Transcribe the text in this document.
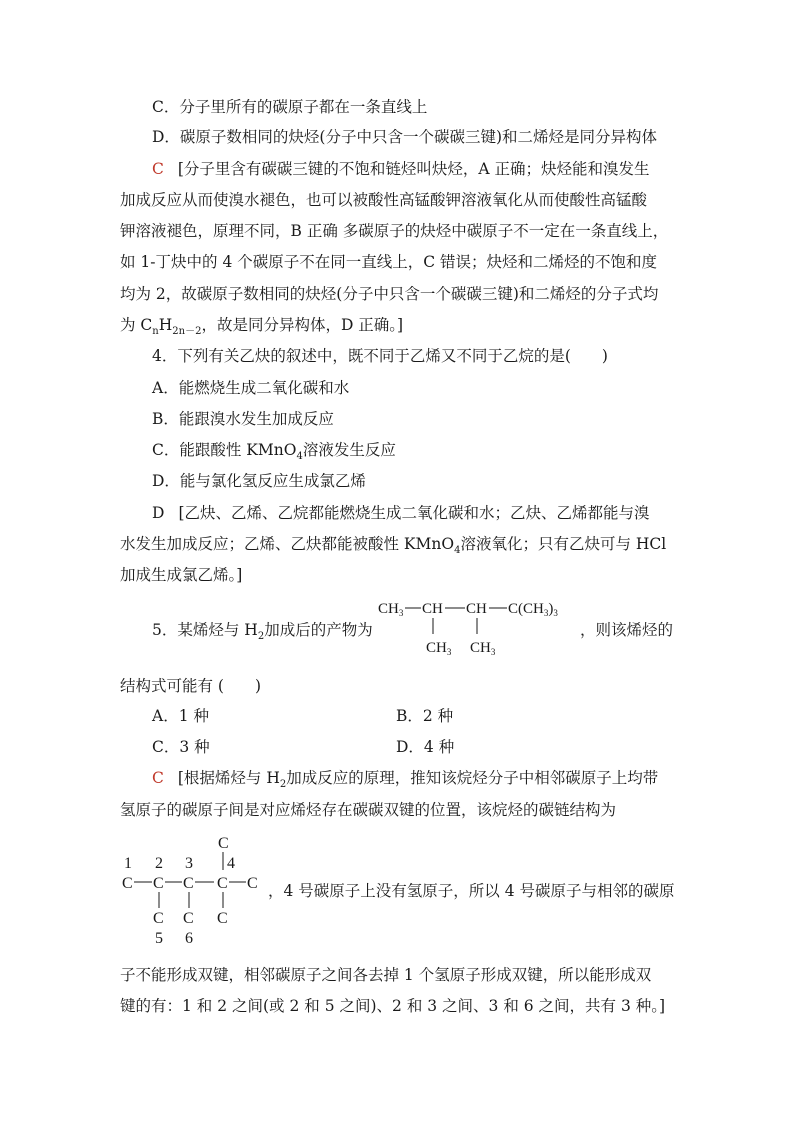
C．分子里所有的碳原子都在一条直线上
D．碳原子数相同的炔烃(分子中只含一个碳碳三键)和二烯烃是同分异构体
C [分子里含有碳碳三键的不饱和链烃叫炔烃，A 正确；炔烃能和溴发生
加成反应从而使溴水褪色，也可以被酸性高锰酸钾溶液氧化从而使酸性高锰酸
钾溶液褪色，原理不同，B 正确 多碳原子的炔烃中碳原子不一定在一条直线上，
如 1-丁炔中的 4 个碳原子不在同一直线上，C 错误；炔烃和二烯烃的不饱和度
均为 2，故碳原子数相同的炔烃(分子中只含一个碳碳三键)和二烯烃的分子式均
为 $C_nH_{2n-2}$，故是同分异构体，D 正确。]
4．下列有关乙炔的叙述中，既不同于乙烯又不同于乙烷的是(　　)
A．能燃烧生成二氧化碳和水
B．能跟溴水发生加成反应
C．能跟酸性 KMnO$_4$溶液发生反应
D．能与氯化氢反应生成氯乙烯
D [乙炔、乙烯、乙烷都能燃烧生成二氧化碳和水；乙炔、乙烯都能与溴
水发生加成反应；乙烯、乙炔都能被酸性 KMnO$_4$溶液氧化；只有乙炔可与 HCl
加成生成氯乙烯。]
5．某烯烃与 $H_2$加成后的产物为
$CH_3$ CH CH $C(CH_3)_3$
$CH_3$ $CH_3$
，则该烯烃的
结构式可能有 (　　)
A．1 种	B．2 种
C．3 种	D．4 种
C [根据烯烃与 $H_2$加成反应的原理，推知该烷烃分子中相邻碳原子上均带
氢原子的碳原子间是对应烯烃存在碳碳双键的位置，该烷烃的碳链结构为
C
4
1 2 3
C C C C C
C C C
5 6
，4 号碳原子上没有氢原子，所以 4 号碳原子与相邻的碳原
子不能形成双键，相邻碳原子之间各去掉 1 个氢原子形成双键，所以能形成双
键的有：1 和 2 之间(或 2 和 5 之间)、2 和 3 之间、3 和 6 之间，共有 3 种。]
